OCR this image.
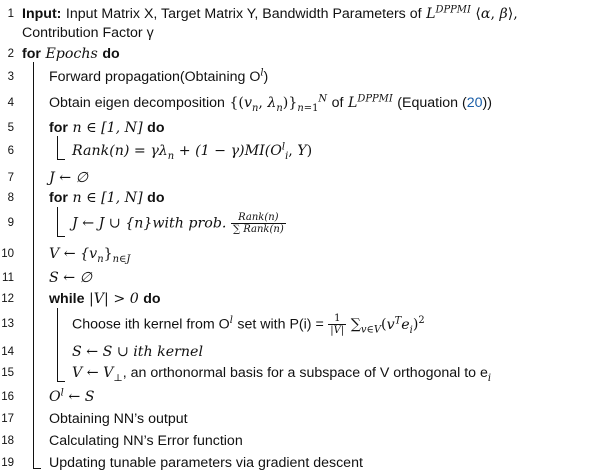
1 Input: Input Matrix X, Target Matrix Y, Bandwidth Parameters of $L^{DPPMI}$ ⟨α, β⟩,
Contribution Factor γ
2 for Epochs do
3 Forward propagation(Obtaining $O^l$)
4 Obtain eigen decomposition {($v_n$, $\lambda_n)\}_{n=1}^N$ of $L^{DPPMI}$ (Equation (20))
5 for n ∈ [1, N] do
6	Rank(n) = $\gamma\lambda_n + (1 - \gamma)MI(O^l_i$, Y)
7 J ← ∅
8 for n ∈ [1, N] do
9	J ← J ∪ {n}with prob. $\frac{\text{Rank(n)}}{\text{∑ Rank(n)}}$
10 V ← $\{v_n\}_{n\in J}$
11 S ← ∅
12 while |V| > 0 do
13	Choose ith kernel from $O^l$ set with $P(i) = \frac{1}{|V|} \sum_{v\in V}(v^Te_i)^2$
14	S ← S ∪ ith kernel
15	V ← $V_\perp$, an orthonormal basis for a subspace of V orthogonal to $e_i$
16 $O^l$ ← S
17 Obtaining NN’s output
18 Calculating NN’s Error function
19 Updating tunable parameters via gradient descent
